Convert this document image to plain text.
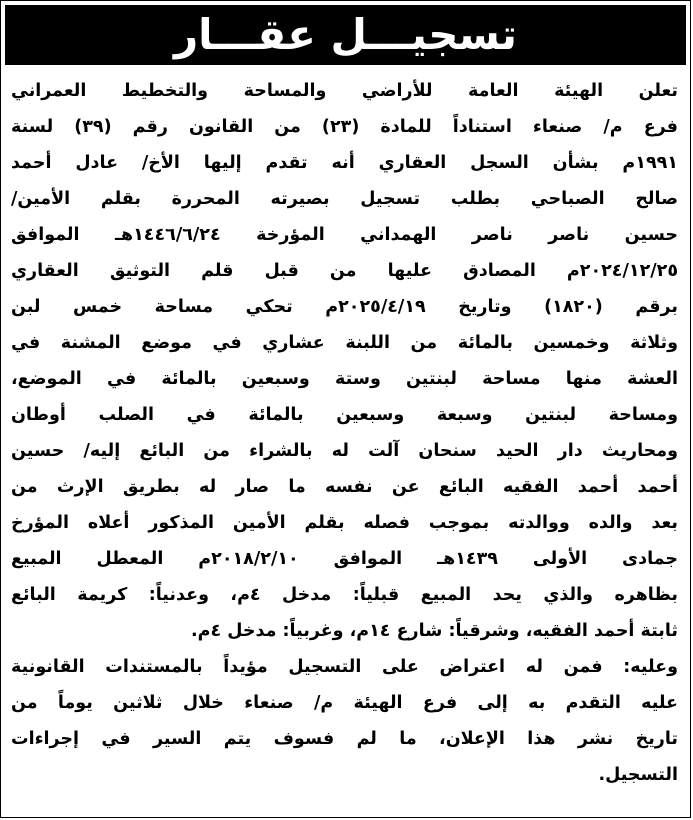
تسجيـــل عقـــار
تعلن الهيئة العامة للأراضي والمساحة والتخطيط العمراني
فرع م/ صنعاء استناداً للمادة (٢٣) من القانون رقم (٣٩) لسنة
١٩٩١م بشأن السجل العقاري أنه تقدم إليها الأخ/ عادل أحمد
صالح الصباحي بطلب تسجيل بصيرته المحررة بقلم الأمين/
حسين ناصر ناصر الهمداني المؤرخة ١٤٤٦/٦/٢٤هـ الموافق
٢٠٢٤/١٢/٢٥م المصادق عليها من قبل قلم التوثيق العقاري
برقم (١٨٢٠) وتاريخ ٢٠٢٥/٤/١٩م تحكي مساحة خمس لبن
وثلاثة وخمسين بالمائة من اللبنة عشاري في موضع المشنة في
العشة منها مساحة لبنتين وستة وسبعين بالمائة في الموضع،
ومساحة لبنتين وسبعة وسبعين بالمائة في الصلب أوطان
ومحاريث دار الحيد سنحان آلت له بالشراء من البائع إليه/ حسين
أحمد أحمد الفقيه البائع عن نفسه ما صار له بطريق الإرث من
بعد والده ووالدته بموجب فصله بقلم الأمين المذكور أعلاه المؤرخ
جمادى الأولى ١٤٣٩هـ الموافق ٢٠١٨/٢/١٠م المعطل المبيع
بظاهره والذي يحد المبيع قبلياً: مدخل ٤م، وعدنياً: كريمة البائع
ثابتة أحمد الفقيه، وشرقياً: شارع ١٤م، وغربياً: مدخل ٤م.
وعليه: فمن له اعتراض على التسجيل مؤيداً بالمستندات القانونية
عليه التقدم به إلى فرع الهيئة م/ صنعاء خلال ثلاثين يوماً من
تاريخ نشر هذا الإعلان، ما لم فسوف يتم السير في إجراءات
التسجيل.
